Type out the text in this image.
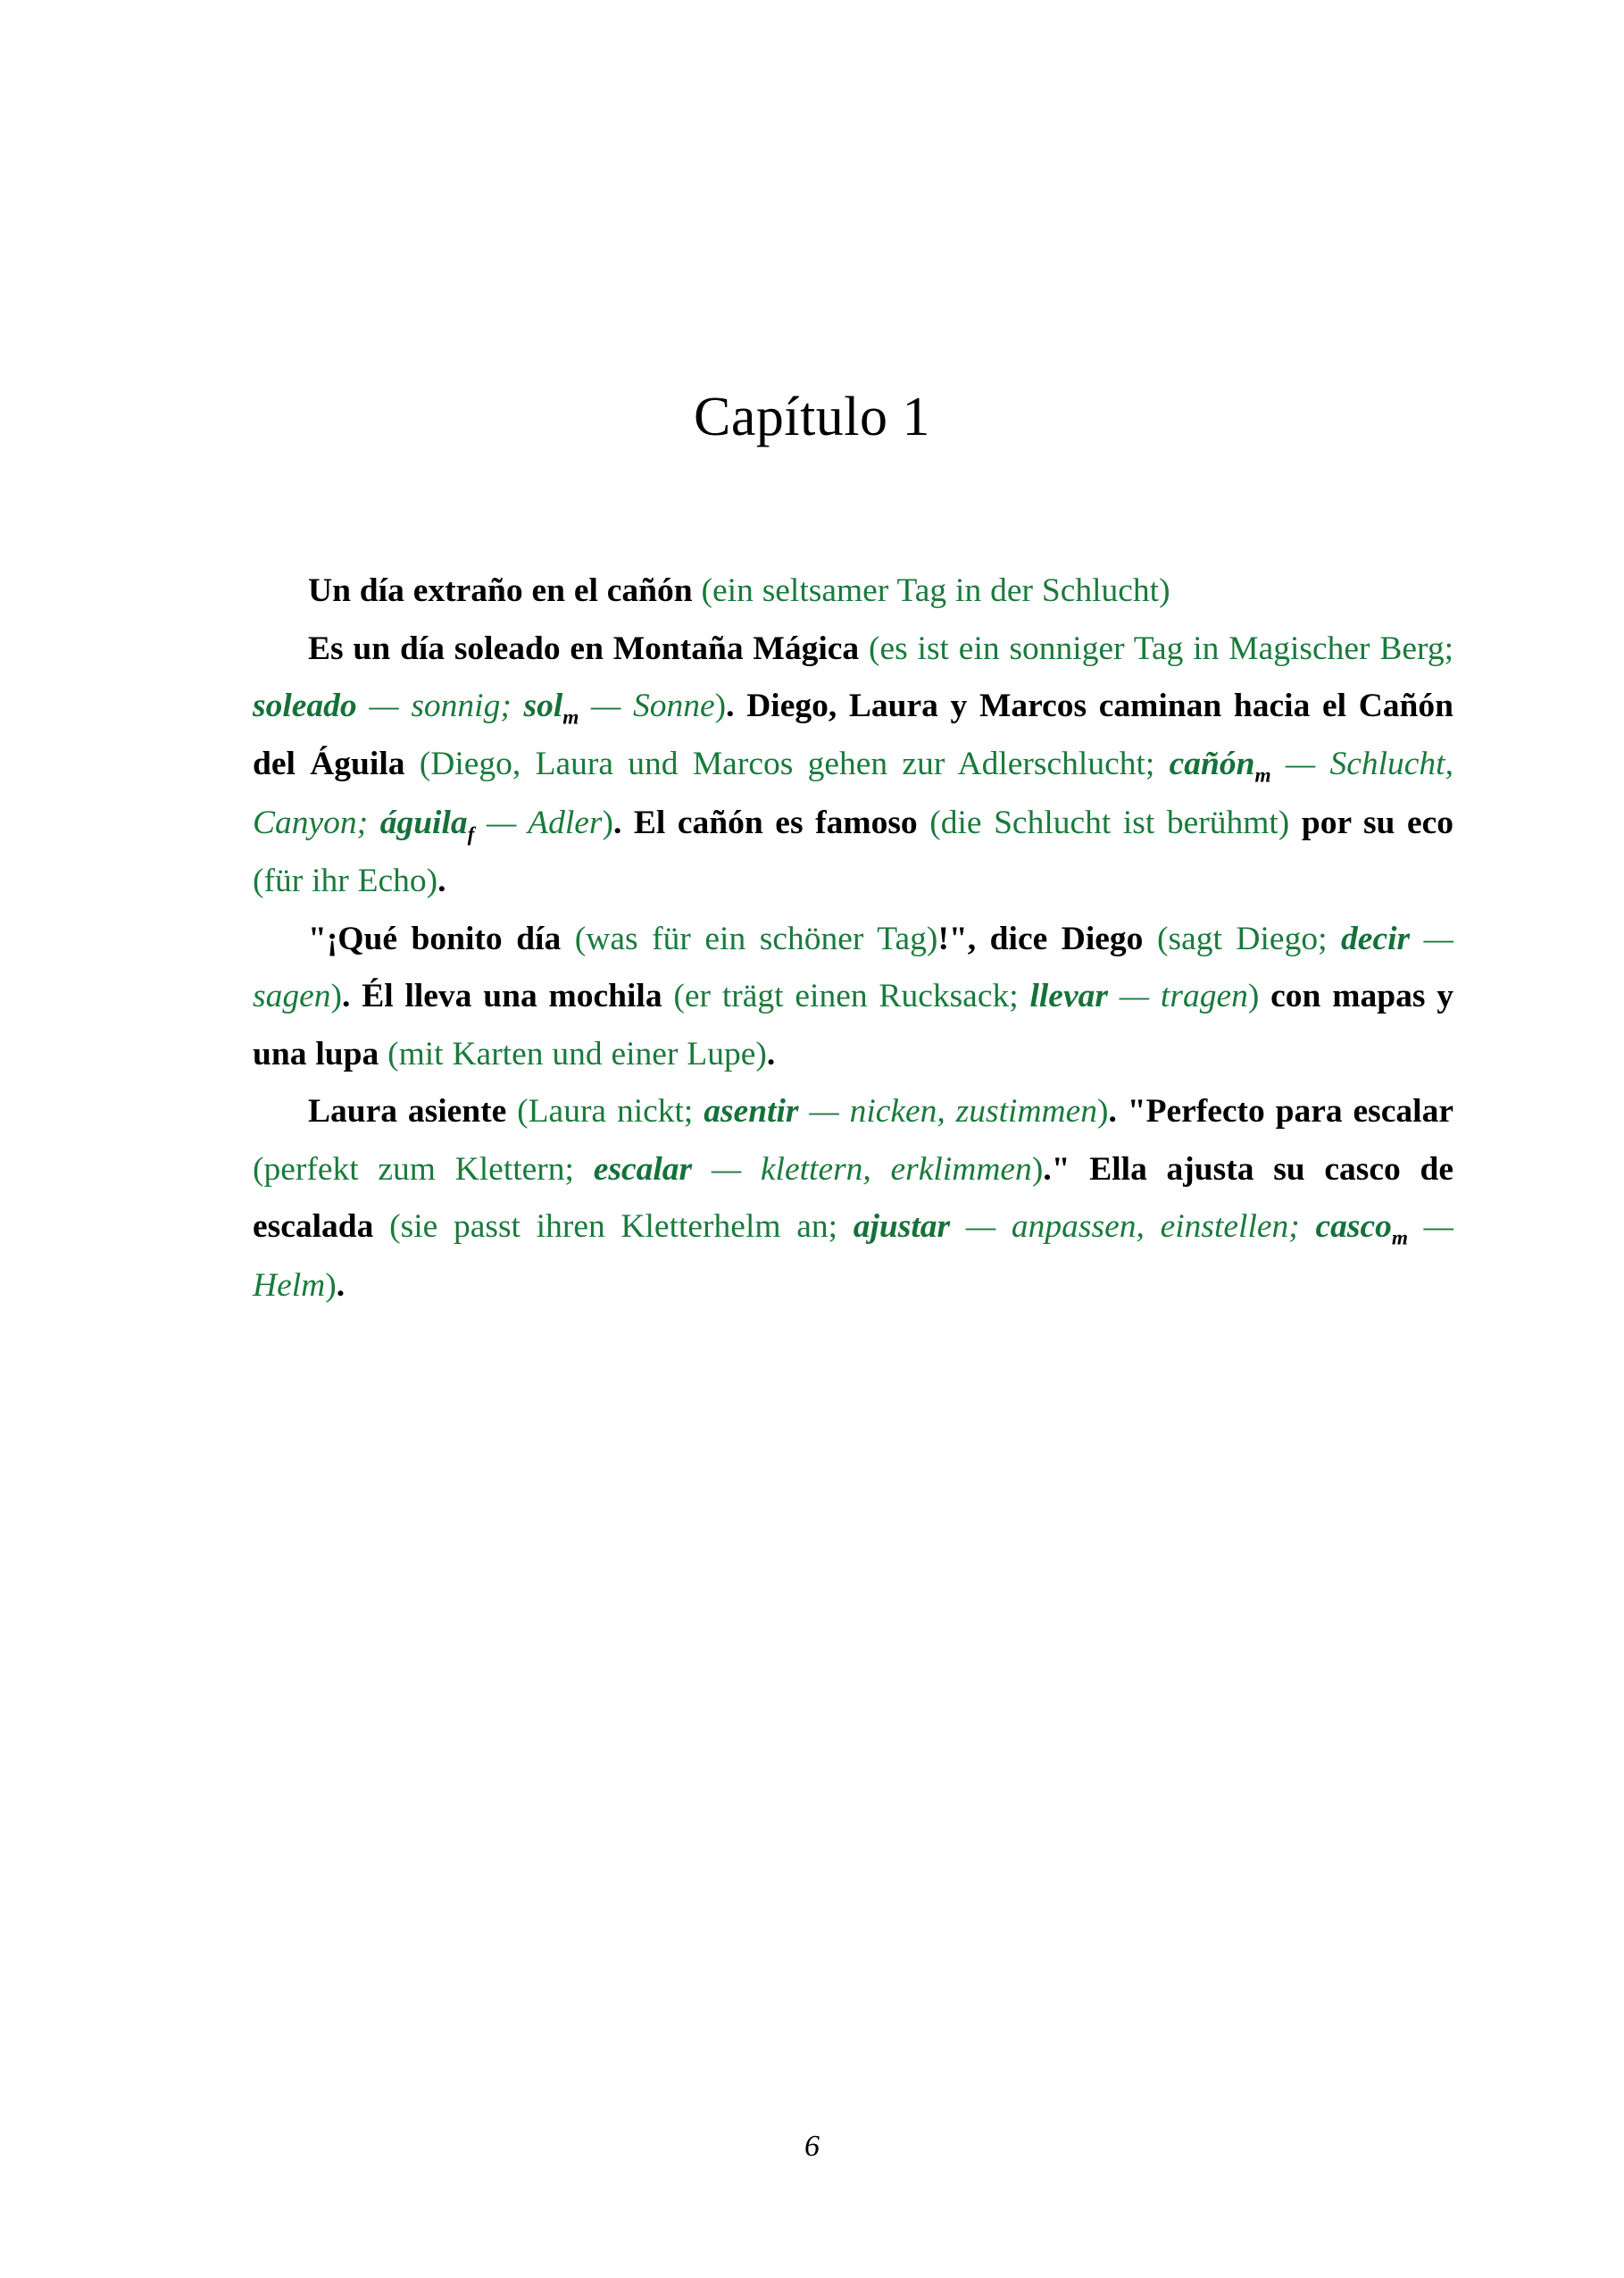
Capítulo 1

Un día extraño en el cañón (ein seltsamer Tag in der Schlucht)

Es un día soleado en Montaña Mágica (es ist ein sonniger Tag in Magischer Berg; soleado — sonnig; sol$_m$ — Sonne). Diego, Laura y Marcos caminan hacia el Cañón del Águila (Diego, Laura und Marcos gehen zur Adlerschlucht; cañón$_m$ — Schlucht, Canyon; águila$_f$ — Adler). El cañón es famoso (die Schlucht ist berühmt) por su eco (für ihr Echo).

"¡Qué bonito día (was für ein schöner Tag)!", dice Diego (sagt Diego; decir — sagen). Él lleva una mochila (er trägt einen Rucksack; llevar — tragen) con mapas y una lupa (mit Karten und einer Lupe).

Laura asiente (Laura nickt; asentir — nicken, zustimmen). "Perfecto para escalar (perfekt zum Klettern; escalar — klettern, erklimmen)." Ella ajusta su casco de escalada (sie passt ihren Kletterhelm an; ajustar — anpassen, einstellen; casco$_m$ — Helm).

6
